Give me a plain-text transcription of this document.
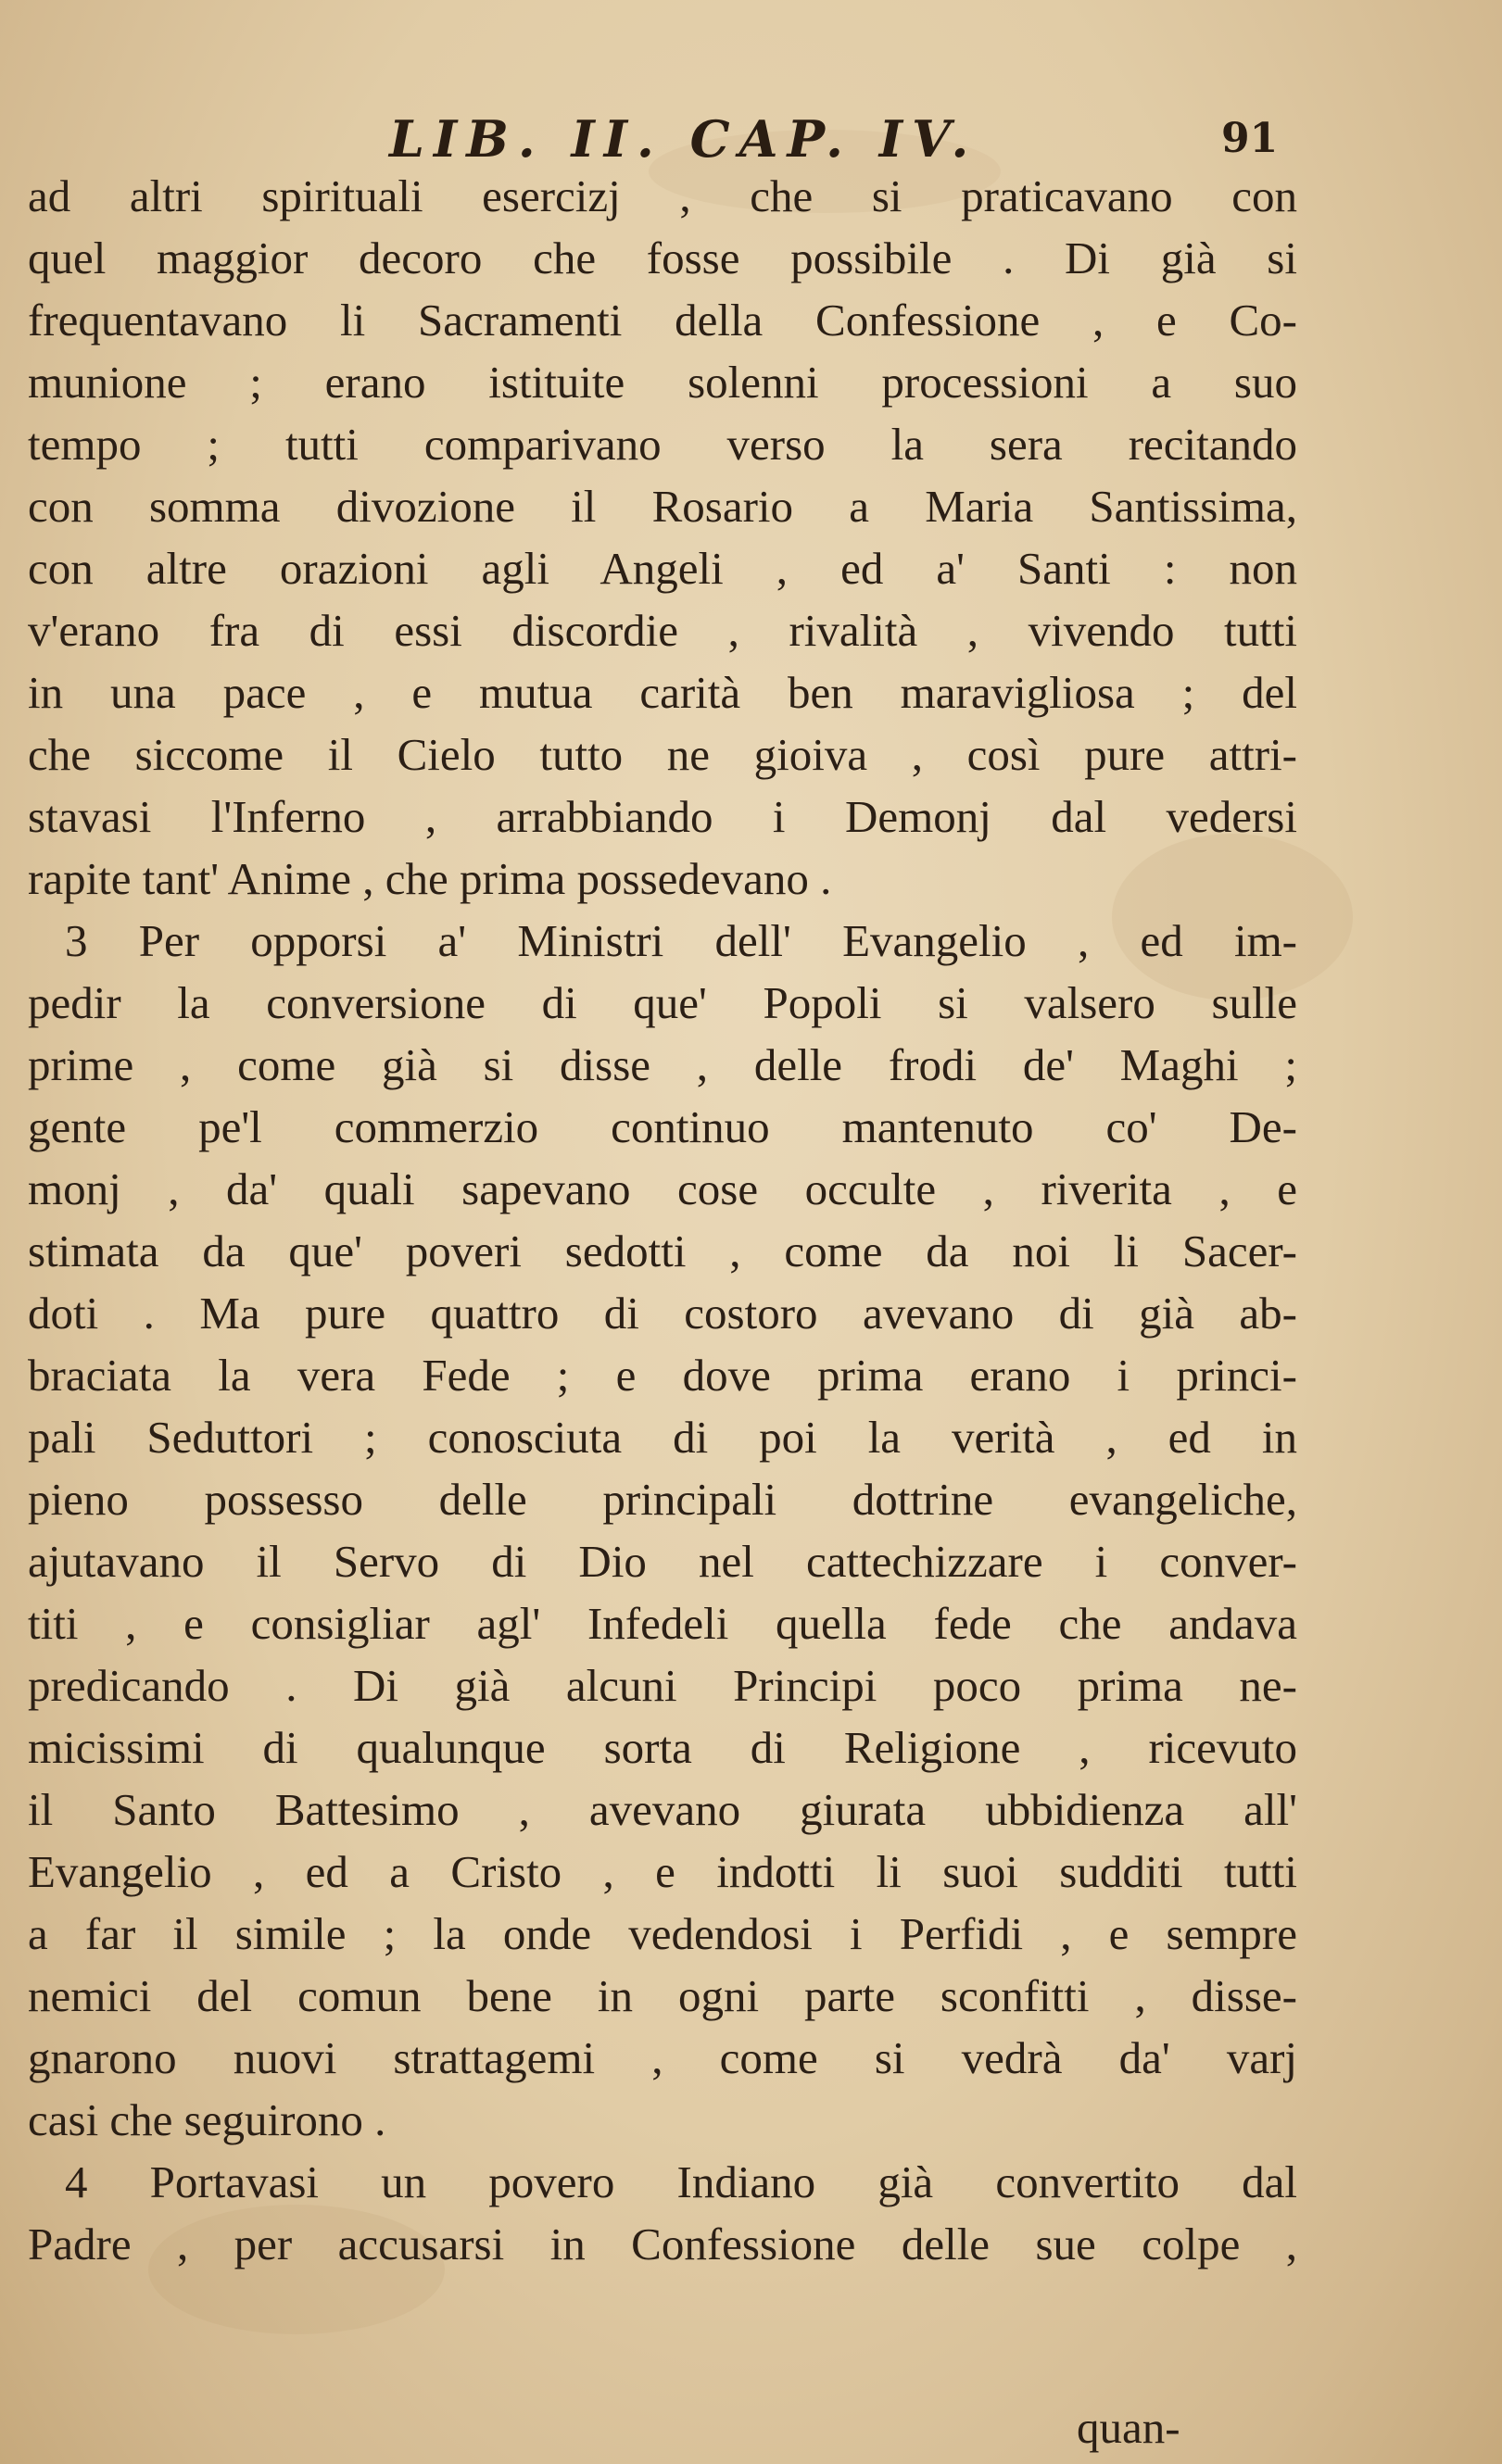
LIB. II. CAP. IV.	91
ad altri spirituali esercizj , che si praticavano con
quel maggior decoro che fosse possibile . Di già si
frequentavano li Sacramenti della Confessione , e Co-
munione ; erano istituite solenni processioni a suo
tempo ; tutti comparivano verso la sera recitando
con somma divozione il Rosario a Maria Santissima,
con altre orazioni agli Angeli , ed a' Santi : non
v'erano fra di essi discordie , rivalità , vivendo tutti
in una pace , e mutua carità ben maravigliosa ; del
che siccome il Cielo tutto ne gioiva , così pure attri-
stavasi l'Inferno , arrabbiando i Demonj dal vedersi
rapite tant' Anime , che prima possedevano .
3 Per opporsi a' Ministri dell' Evangelio , ed im-
pedir la conversione di que' Popoli si valsero sulle
prime , come già si disse , delle frodi de' Maghi ;
gente pe'l commerzio continuo mantenuto co' De-
monj , da' quali sapevano cose occulte , riverita , e
stimata da que' poveri sedotti , come da noi li Sacer-
doti . Ma pure quattro di costoro avevano di già ab-
braciata la vera Fede ; e dove prima erano i princi-
pali Seduttori ; conosciuta di poi la verità , ed in
pieno possesso delle principali dottrine evangeliche,
ajutavano il Servo di Dio nel cattechizzare i conver-
titi , e consigliar agl' Infedeli quella fede che andava
predicando . Di già alcuni Principi poco prima ne-
micissimi di qualunque sorta di Religione , ricevuto
il Santo Battesimo , avevano giurata ubbidienza all'
Evangelio , ed a Cristo , e indotti li suoi sudditi tutti
a far il simile ; la onde vedendosi i Perfidi , e sempre
nemici del comun bene in ogni parte sconfitti , disse-
gnarono nuovi strattagemi , come si vedrà da' varj
casi che seguirono .
4 Portavasi un povero Indiano già convertito dal
Padre , per accusarsi in Confessione delle sue colpe ,
quan-
